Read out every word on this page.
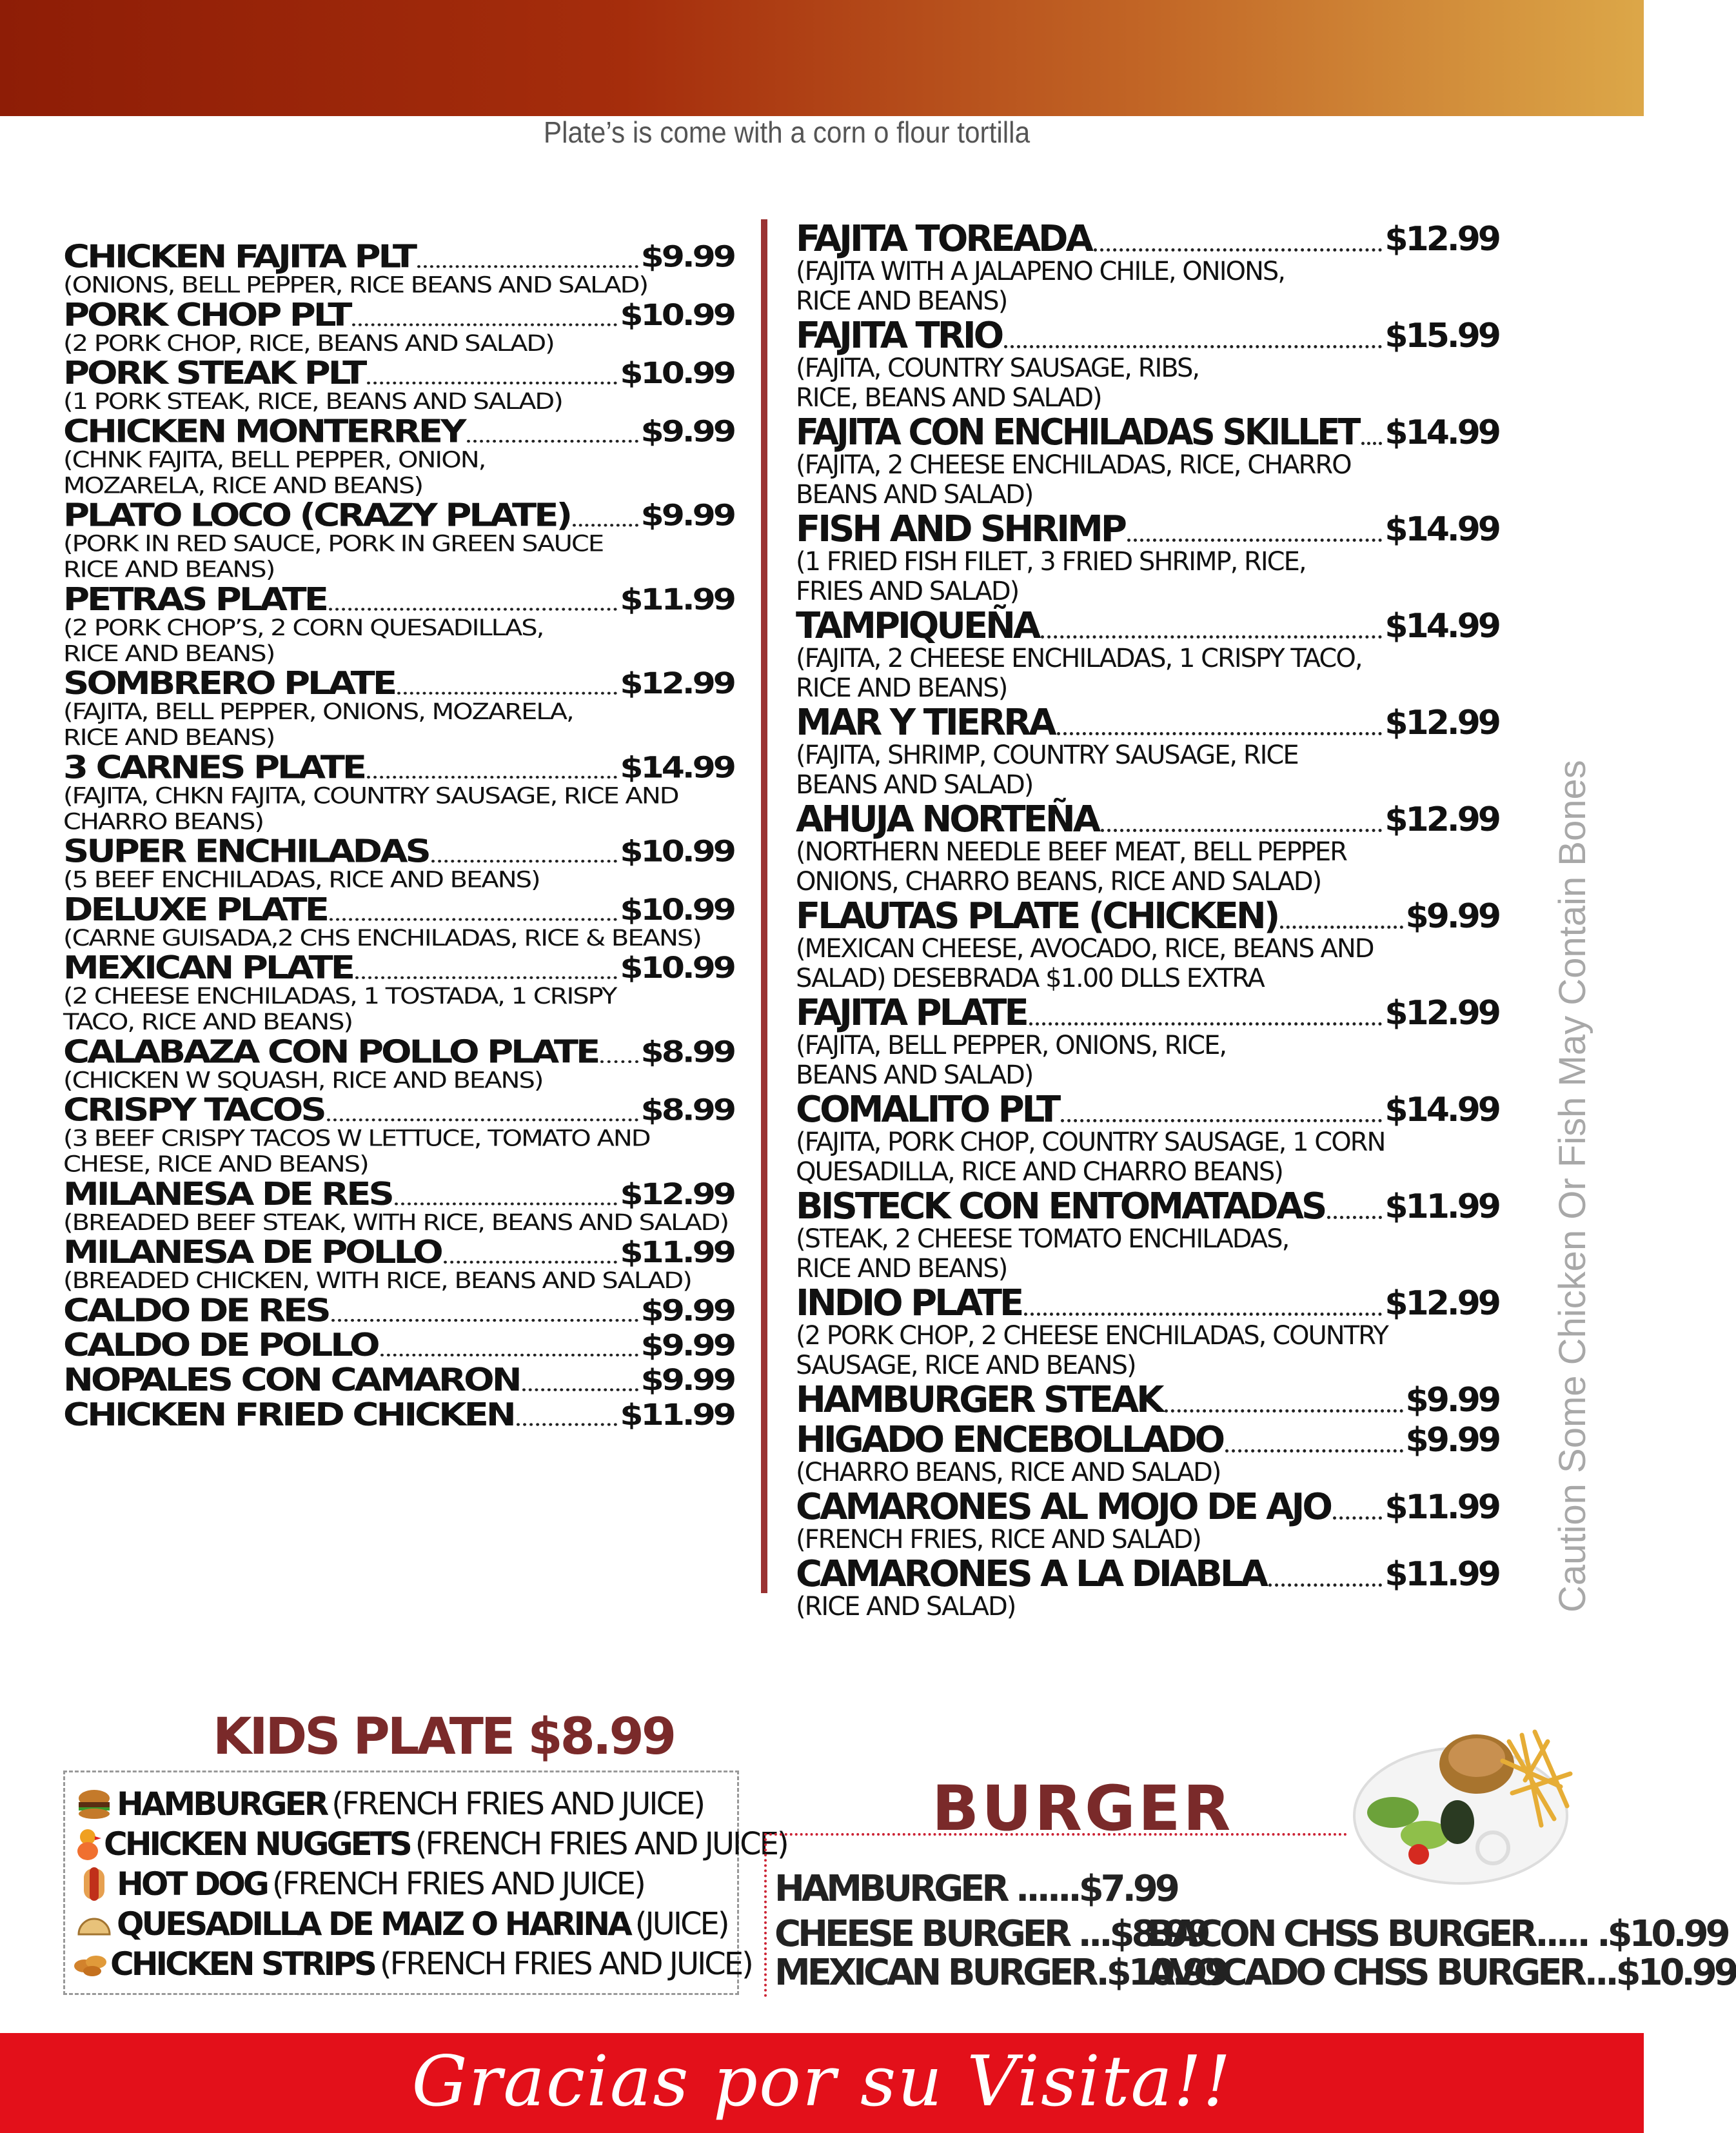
Plate’s is come with a corn o flour tortilla
CHICKEN FAJITA PLT	$9.99
(ONIONS, BELL PEPPER, RICE BEANS AND SALAD)
PORK CHOP PLT	$10.99
(2 PORK CHOP, RICE, BEANS AND SALAD)
PORK STEAK PLT	$10.99
(1 PORK STEAK, RICE, BEANS AND SALAD)
CHICKEN MONTERREY	$9.99
(CHNK FAJITA, BELL PEPPER, ONION,
MOZARELA, RICE AND BEANS)
PLATO LOCO (CRAZY PLATE) $9.99
(PORK IN RED SAUCE, PORK IN GREEN SAUCE
RICE AND BEANS)
PETRAS PLATE	$11.99
(2 PORK CHOP’S, 2 CORN QUESADILLAS,
RICE AND BEANS)
SOMBRERO PLATE	$12.99
(FAJITA, BELL PEPPER, ONIONS, MOZARELA,
RICE AND BEANS)
3 CARNES PLATE	$14.99
(FAJITA, CHKN FAJITA, COUNTRY SAUSAGE, RICE AND
CHARRO BEANS)
SUPER ENCHILADAS	$10.99
(5 BEEF ENCHILADAS, RICE AND BEANS)
DELUXE PLATE	$10.99
(CARNE GUISADA,2 CHS ENCHILADAS, RICE & BEANS)
MEXICAN PLATE	$10.99
(2 CHEESE ENCHILADAS, 1 TOSTADA, 1 CRISPY
TACO, RICE AND BEANS)
CALABAZA CON POLLO PLATE $8.99
(CHICKEN W SQUASH, RICE AND BEANS)
CRISPY TACOS	$8.99
(3 BEEF CRISPY TACOS W LETTUCE, TOMATO AND
CHESE, RICE AND BEANS)
MILANESA DE RES	$12.99
(BREADED BEEF STEAK, WITH RICE, BEANS AND SALAD)
MILANESA DE POLLO	$11.99
(BREADED CHICKEN, WITH RICE, BEANS AND SALAD)
CALDO DE RES	$9.99
CALDO DE POLLO	$9.99
NOPALES CON CAMARON	$9.99
CHICKEN FRIED CHICKEN	$11.99
FAJITA TOREADA	$12.99
(FAJITA WITH A JALAPENO CHILE, ONIONS,
RICE AND BEANS)
FAJITA TRIO	$15.99
(FAJITA, COUNTRY SAUSAGE, RIBS,
RICE, BEANS AND SALAD)
FAJITA CON ENCHILADAS SKILLET $14.99
(FAJITA, 2 CHEESE ENCHILADAS, RICE, CHARRO
BEANS AND SALAD)
FISH AND SHRIMP	$14.99
(1 FRIED FISH FILET, 3 FRIED SHRIMP, RICE,
FRIES AND SALAD)
TAMPIQUEÑA	$14.99
(FAJITA, 2 CHEESE ENCHILADAS, 1 CRISPY TACO,
RICE AND BEANS)
MAR Y TIERRA	$12.99
(FAJITA, SHRIMP, COUNTRY SAUSAGE, RICE
BEANS AND SALAD)
AHUJA NORTEÑA	$12.99
(NORTHERN NEEDLE BEEF MEAT, BELL PEPPER
ONIONS, CHARRO BEANS, RICE AND SALAD)
FLAUTAS PLATE (CHICKEN)	$9.99
(MEXICAN CHEESE, AVOCADO, RICE, BEANS AND
SALAD) DESEBRADA $1.00 DLLS EXTRA
FAJITA PLATE	$12.99
(FAJITA, BELL PEPPER, ONIONS, RICE,
BEANS AND SALAD)
COMALITO PLT	$14.99
(FAJITA, PORK CHOP, COUNTRY SAUSAGE, 1 CORN
QUESADILLA, RICE AND CHARRO BEANS)
BISTECK CON ENTOMATADAS $11.99
(STEAK, 2 CHEESE TOMATO ENCHILADAS,
RICE AND BEANS)
INDIO PLATE	$12.99
(2 PORK CHOP, 2 CHEESE ENCHILADAS, COUNTRY
SAUSAGE, RICE AND BEANS)
HAMBURGER STEAK	$9.99
HIGADO ENCEBOLLADO	$9.99
(CHARRO BEANS, RICE AND SALAD)
CAMARONES AL MOJO DE AJO $11.99
(FRENCH FRIES, RICE AND SALAD)
CAMARONES A LA DIABLA	$11.99
(RICE AND SALAD)	Caution Some Chicken Or Fish May Contain Bones
KIDS PLATE $8.99
HAMBURGER (FRENCH FRIES AND JUICE)
CHICKEN NUGGETS (FRENCH FRIES AND JUICE)
HOT DOG (FRENCH FRIES AND JUICE)
QUESADILLA DE MAIZ O HARINA (JUICE)
CHICKEN STRIPS (FRENCH FRIES AND JUICE)
BURGER
HAMBURGER ......$7.99
CHEESE BURGER ...$8.99
MEXICAN BURGER.$10.99
BACON CHSS BURGER..... .$10.99
AVOCADO CHSS BURGER...$10.99
Gracias por su Visita!!
